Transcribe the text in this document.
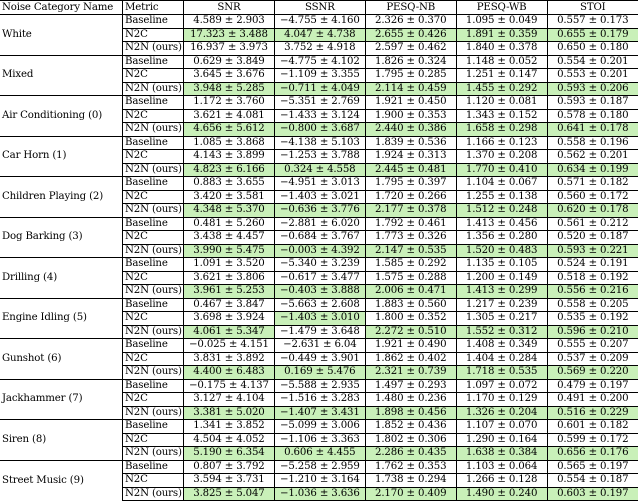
Noise Category Name	Metric	SNR	SSNR	PESQ-NB	PESQ-WB	STOI
White	Baseline	4.589 ± 2.903	−4.755 ± 4.160	2.326 ± 0.370	1.095 ± 0.049	0.557 ± 0.173
	N2C	17.323 ± 3.488	4.047 ± 4.738	2.655 ± 0.426	1.891 ± 0.359	0.655 ± 0.179
	N2N (ours)	16.937 ± 3.973	3.752 ± 4.918	2.597 ± 0.462	1.840 ± 0.378	0.650 ± 0.180
Mixed	Baseline	0.629 ± 3.849	−4.775 ± 4.102	1.826 ± 0.324	1.148 ± 0.052	0.554 ± 0.201
	N2C	3.645 ± 3.676	−1.109 ± 3.355	1.795 ± 0.285	1.251 ± 0.147	0.553 ± 0.201
	N2N (ours)	3.948 ± 5.285	−0.711 ± 4.049	2.114 ± 0.459	1.455 ± 0.292	0.593 ± 0.206
Air Conditioning (0)	Baseline	1.172 ± 3.760	−5.351 ± 2.769	1.921 ± 0.450	1.120 ± 0.081	0.593 ± 0.187
	N2C	3.621 ± 4.081	−1.433 ± 3.124	1.900 ± 0.353	1.343 ± 0.152	0.578 ± 0.180
	N2N (ours)	4.656 ± 5.612	−0.800 ± 3.687	2.440 ± 0.386	1.658 ± 0.298	0.641 ± 0.178
Car Horn (1)	Baseline	1.085 ± 3.868	−4.138 ± 5.103	1.839 ± 0.536	1.166 ± 0.123	0.558 ± 0.196
	N2C	4.143 ± 3.899	−1.253 ± 3.788	1.924 ± 0.313	1.370 ± 0.208	0.562 ± 0.201
	N2N (ours)	4.823 ± 6.166	0.324 ± 4.558	2.445 ± 0.481	1.770 ± 0.410	0.634 ± 0.199
Children Playing (2)	Baseline	0.883 ± 3.655	−4.951 ± 3.013	1.795 ± 0.397	1.104 ± 0.067	0.571 ± 0.182
	N2C	3.420 ± 3.581	−1.403 ± 3.021	1.720 ± 0.266	1.255 ± 0.138	0.560 ± 0.172
	N2N (ours)	4.348 ± 5.370	−0.636 ± 3.776	2.177 ± 0.378	1.512 ± 0.248	0.620 ± 0.178
Dog Barking (3)	Baseline	0.481 ± 5.260	−2.881 ± 6.020	1.792 ± 0.461	1.413 ± 0.456	0.561 ± 0.212
	N2C	3.438 ± 4.457	−0.684 ± 3.767	1.773 ± 0.326	1.356 ± 0.280	0.520 ± 0.187
	N2N (ours)	3.990 ± 5.475	−0.003 ± 4.392	2.147 ± 0.535	1.520 ± 0.483	0.593 ± 0.221
Drilling (4)	Baseline	1.091 ± 3.520	−5.340 ± 3.239	1.585 ± 0.292	1.135 ± 0.105	0.524 ± 0.191
	N2C	3.621 ± 3.806	−0.617 ± 3.477	1.575 ± 0.288	1.200 ± 0.149	0.518 ± 0.192
	N2N (ours)	3.961 ± 5.253	−0.403 ± 3.888	2.006 ± 0.471	1.413 ± 0.299	0.556 ± 0.216
Engine Idling (5)	Baseline	0.467 ± 3.847	−5.663 ± 2.608	1.883 ± 0.560	1.217 ± 0.239	0.558 ± 0.205
	N2C	3.698 ± 3.924	−1.403 ± 3.010	1.800 ± 0.352	1.305 ± 0.217	0.535 ± 0.192
	N2N (ours)	4.061 ± 5.347	−1.479 ± 3.648	2.272 ± 0.510	1.552 ± 0.312	0.596 ± 0.210
Gunshot (6)	Baseline	−0.025 ± 4.151	−2.631 ± 6.04	1.921 ± 0.490	1.408 ± 0.349	0.555 ± 0.207
	N2C	3.831 ± 3.892	−0.449 ± 3.901	1.862 ± 0.402	1.404 ± 0.284	0.537 ± 0.209
	N2N (ours)	4.400 ± 6.483	0.169 ± 5.476	2.321 ± 0.739	1.718 ± 0.535	0.569 ± 0.220
Jackhammer (7)	Baseline	−0.175 ± 4.137	−5.588 ± 2.935	1.497 ± 0.293	1.097 ± 0.072	0.479 ± 0.197
	N2C	3.127 ± 4.104	−1.516 ± 3.283	1.480 ± 0.236	1.170 ± 0.129	0.491 ± 0.200
	N2N (ours)	3.381 ± 5.020	−1.407 ± 3.431	1.898 ± 0.456	1.326 ± 0.204	0.516 ± 0.229
Siren (8)	Baseline	1.341 ± 3.852	−5.099 ± 3.006	1.852 ± 0.436	1.107 ± 0.070	0.601 ± 0.182
	N2C	4.504 ± 4.052	−1.106 ± 3.363	1.802 ± 0.306	1.290 ± 0.164	0.599 ± 0.172
	N2N (ours)	5.190 ± 6.354	0.606 ± 4.455	2.286 ± 0.435	1.638 ± 0.384	0.656 ± 0.176
Street Music (9)	Baseline	0.807 ± 3.792	−5.258 ± 2.959	1.762 ± 0.353	1.103 ± 0.064	0.565 ± 0.197
	N2C	3.594 ± 3.731	−1.210 ± 3.164	1.738 ± 0.294	1.266 ± 0.128	0.554 ± 0.187
	N2N (ours)	3.825 ± 5.047	−1.036 ± 3.636	2.170 ± 0.409	1.490 ± 0.240	0.603 ± 0.197
